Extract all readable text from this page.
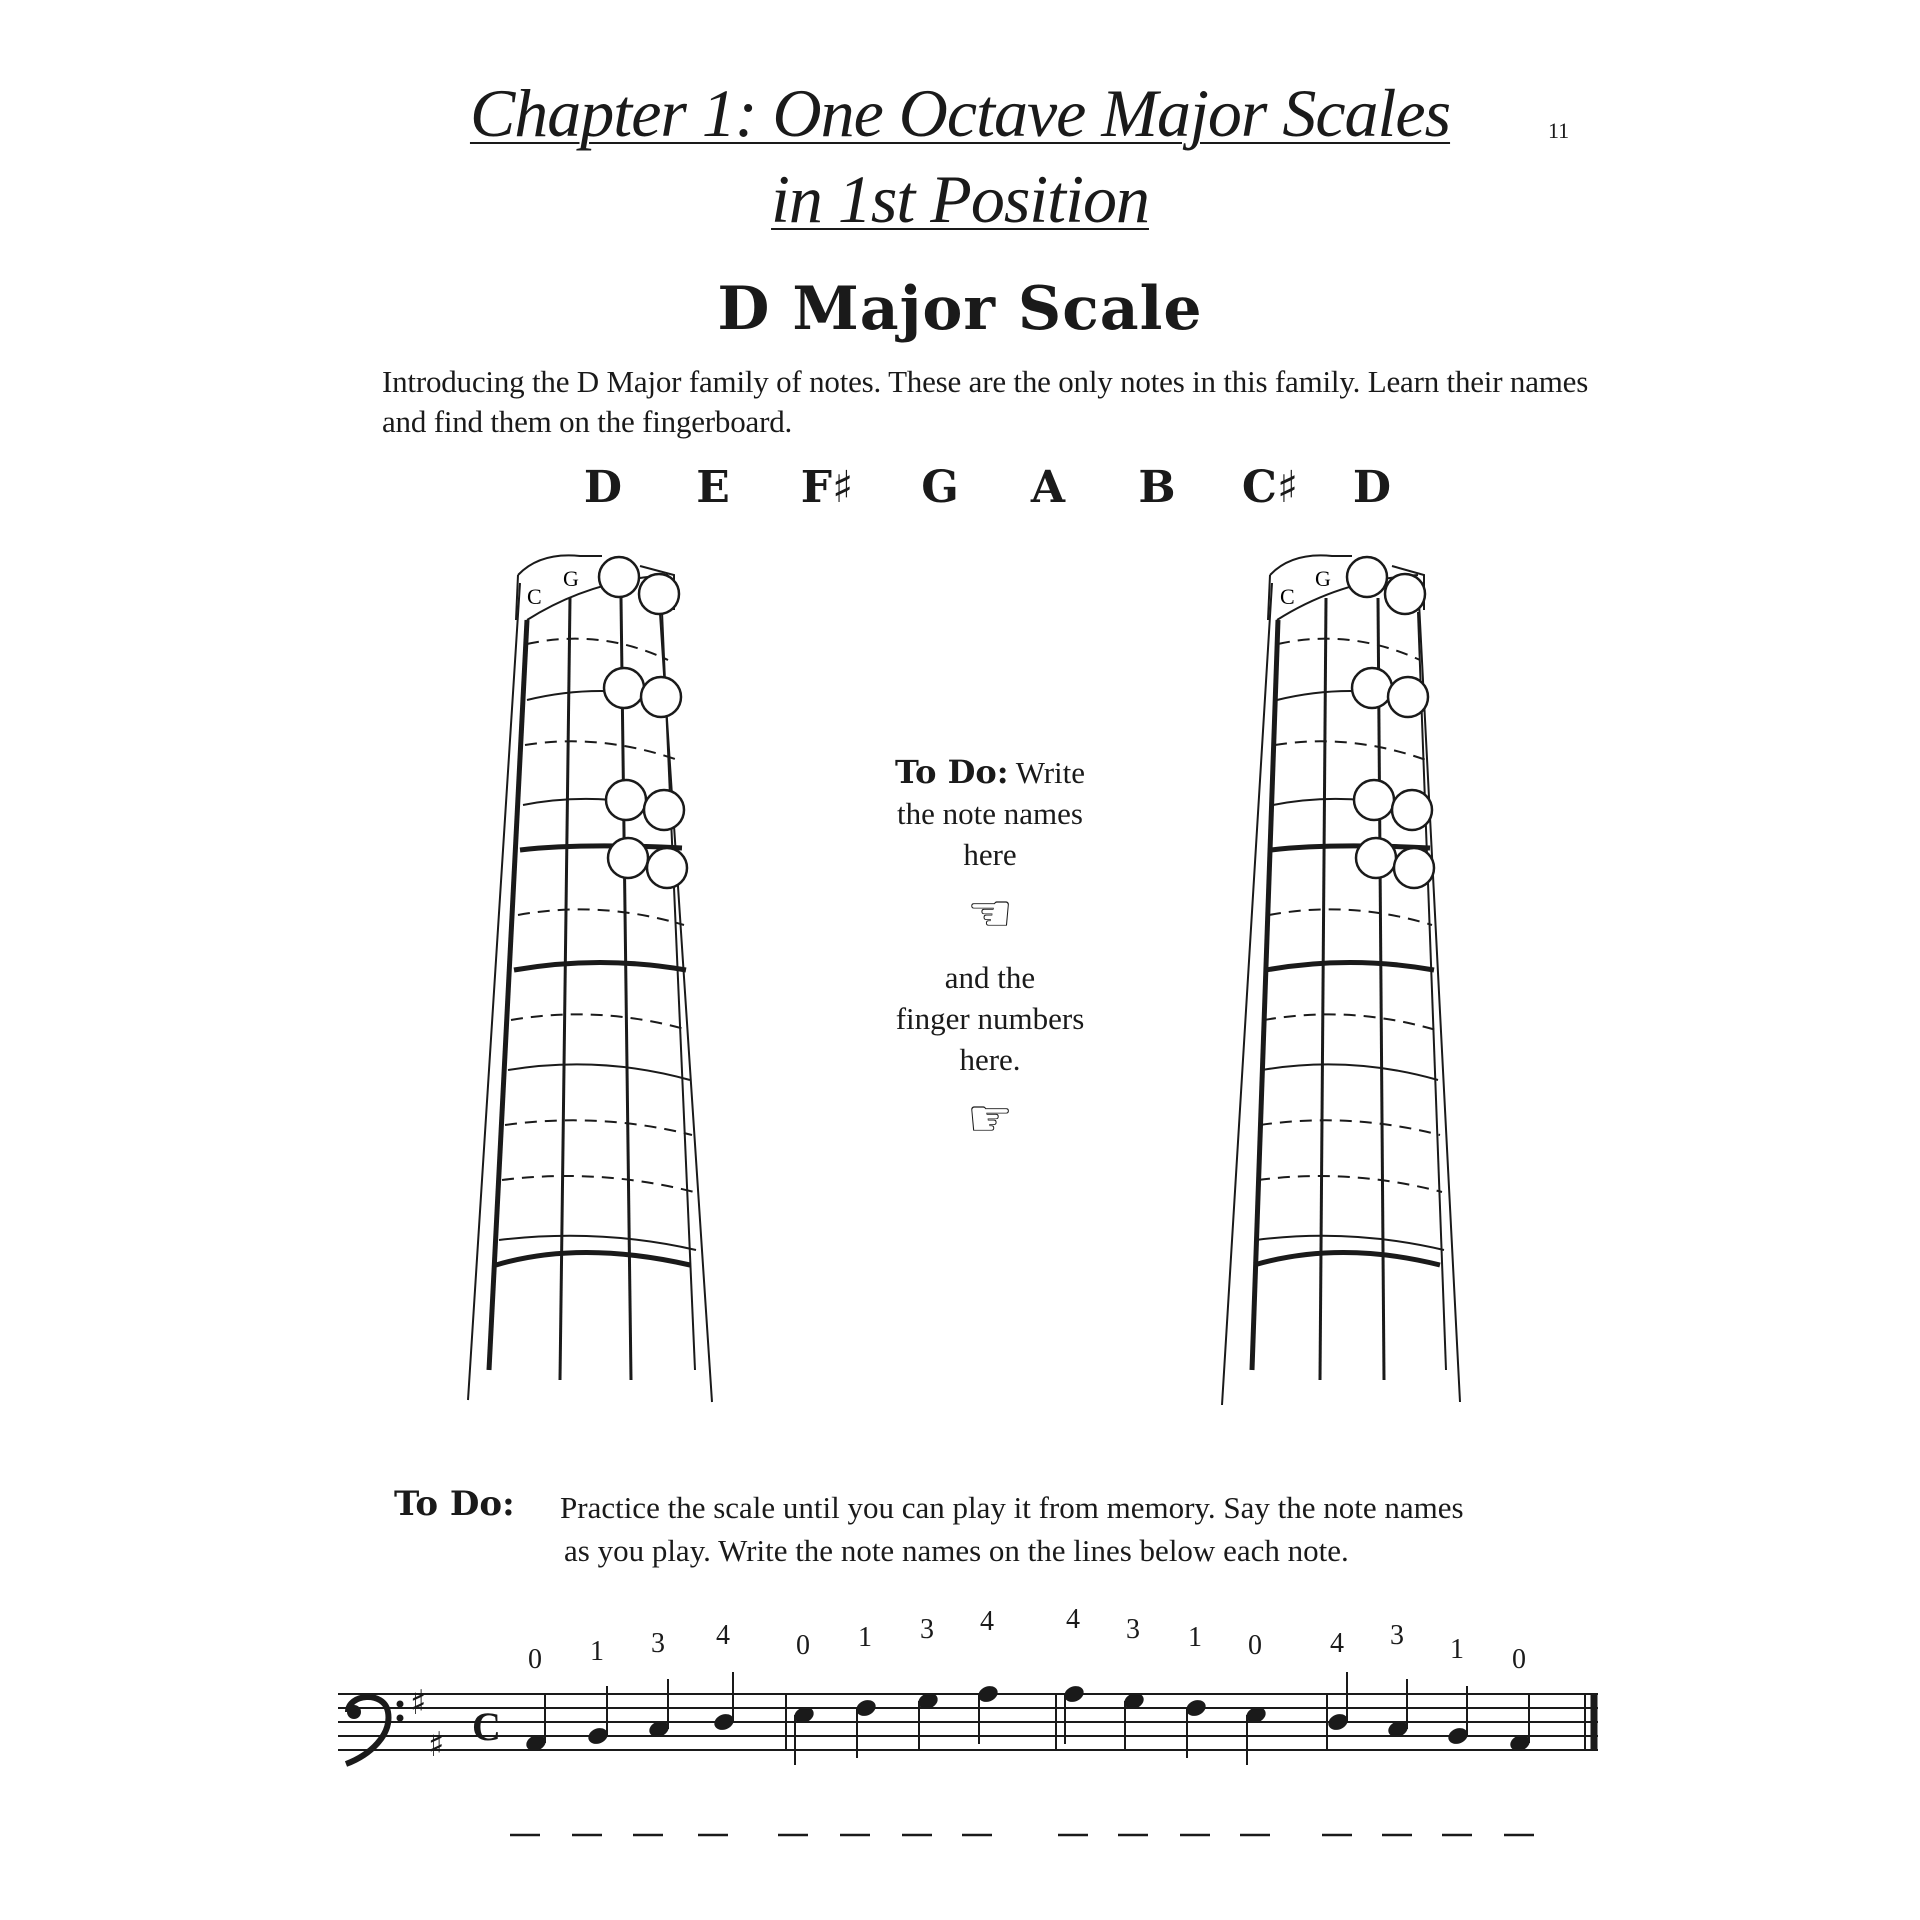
Chapter 1: One Octave Major Scales
in 1st Position
11
D Major Scale
Introducing the D Major family of notes. These are the only notes in this family. Learn their names and find them on the fingerboard.
D E F♯ G A B C♯ D
C
G
C
G
To Do: Write
the note names
here
☜
and the
finger numbers
here.
☞
To Do: Practice the scale until you can play it from memory. Say the note names
as you play. Write the note names on the lines below each note.
♯
♯ C
0 1 3 4 0 1 3 4	4 3 1 0 4 3 1 0
